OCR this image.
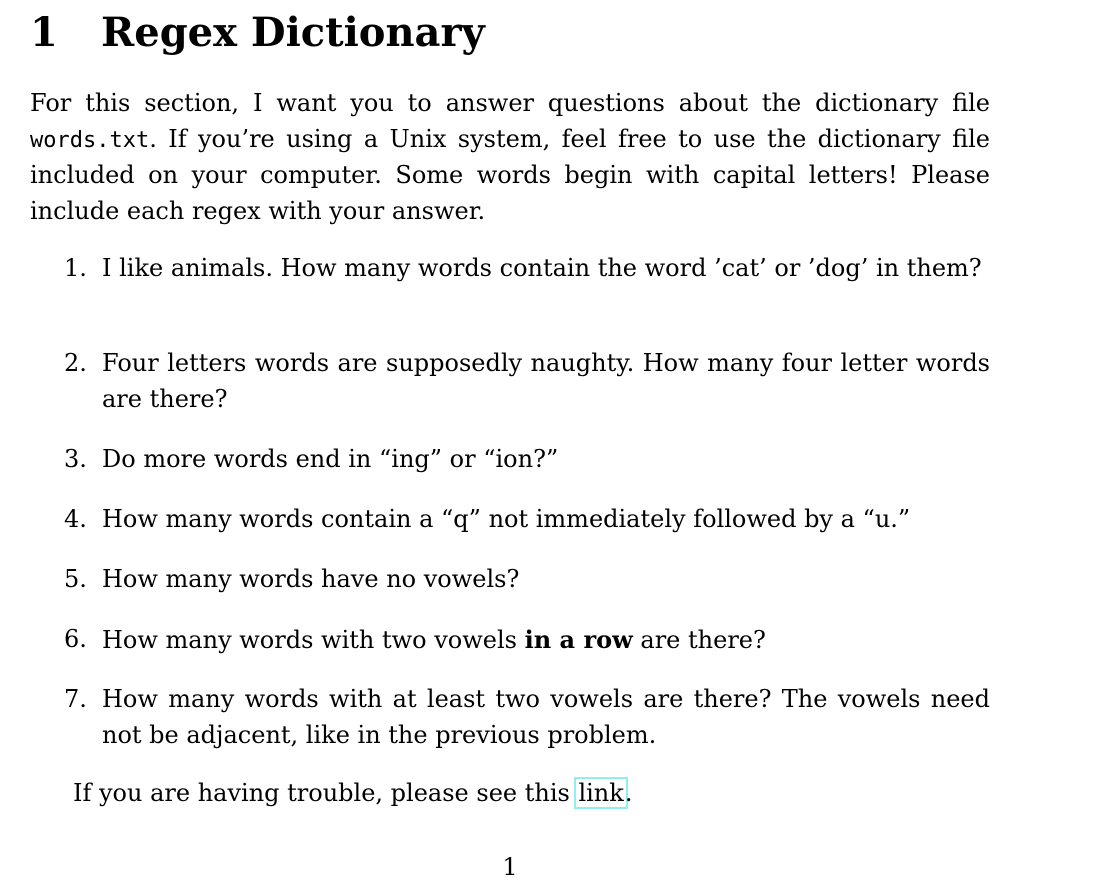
1 Regex Dictionary

For this section, I want you to answer questions about the dictionary file words.txt. If you’re using a Unix system, feel free to use the dictionary file included on your computer. Some words begin with capital letters! Please include each regex with your answer.

1. I like animals. How many words contain the word ’cat’ or ’dog’ in them?
2. Four letters words are supposedly naughty. How many four letter words are there?
3. Do more words end in “ing” or “ion?”
4. How many words contain a “q” not immediately followed by a “u.”
5. How many words have no vowels?
6. How many words with two vowels in a row are there?
7. How many words with at least two vowels are there? The vowels need not be adjacent, like in the previous problem.

If you are having trouble, please see this link.

1
